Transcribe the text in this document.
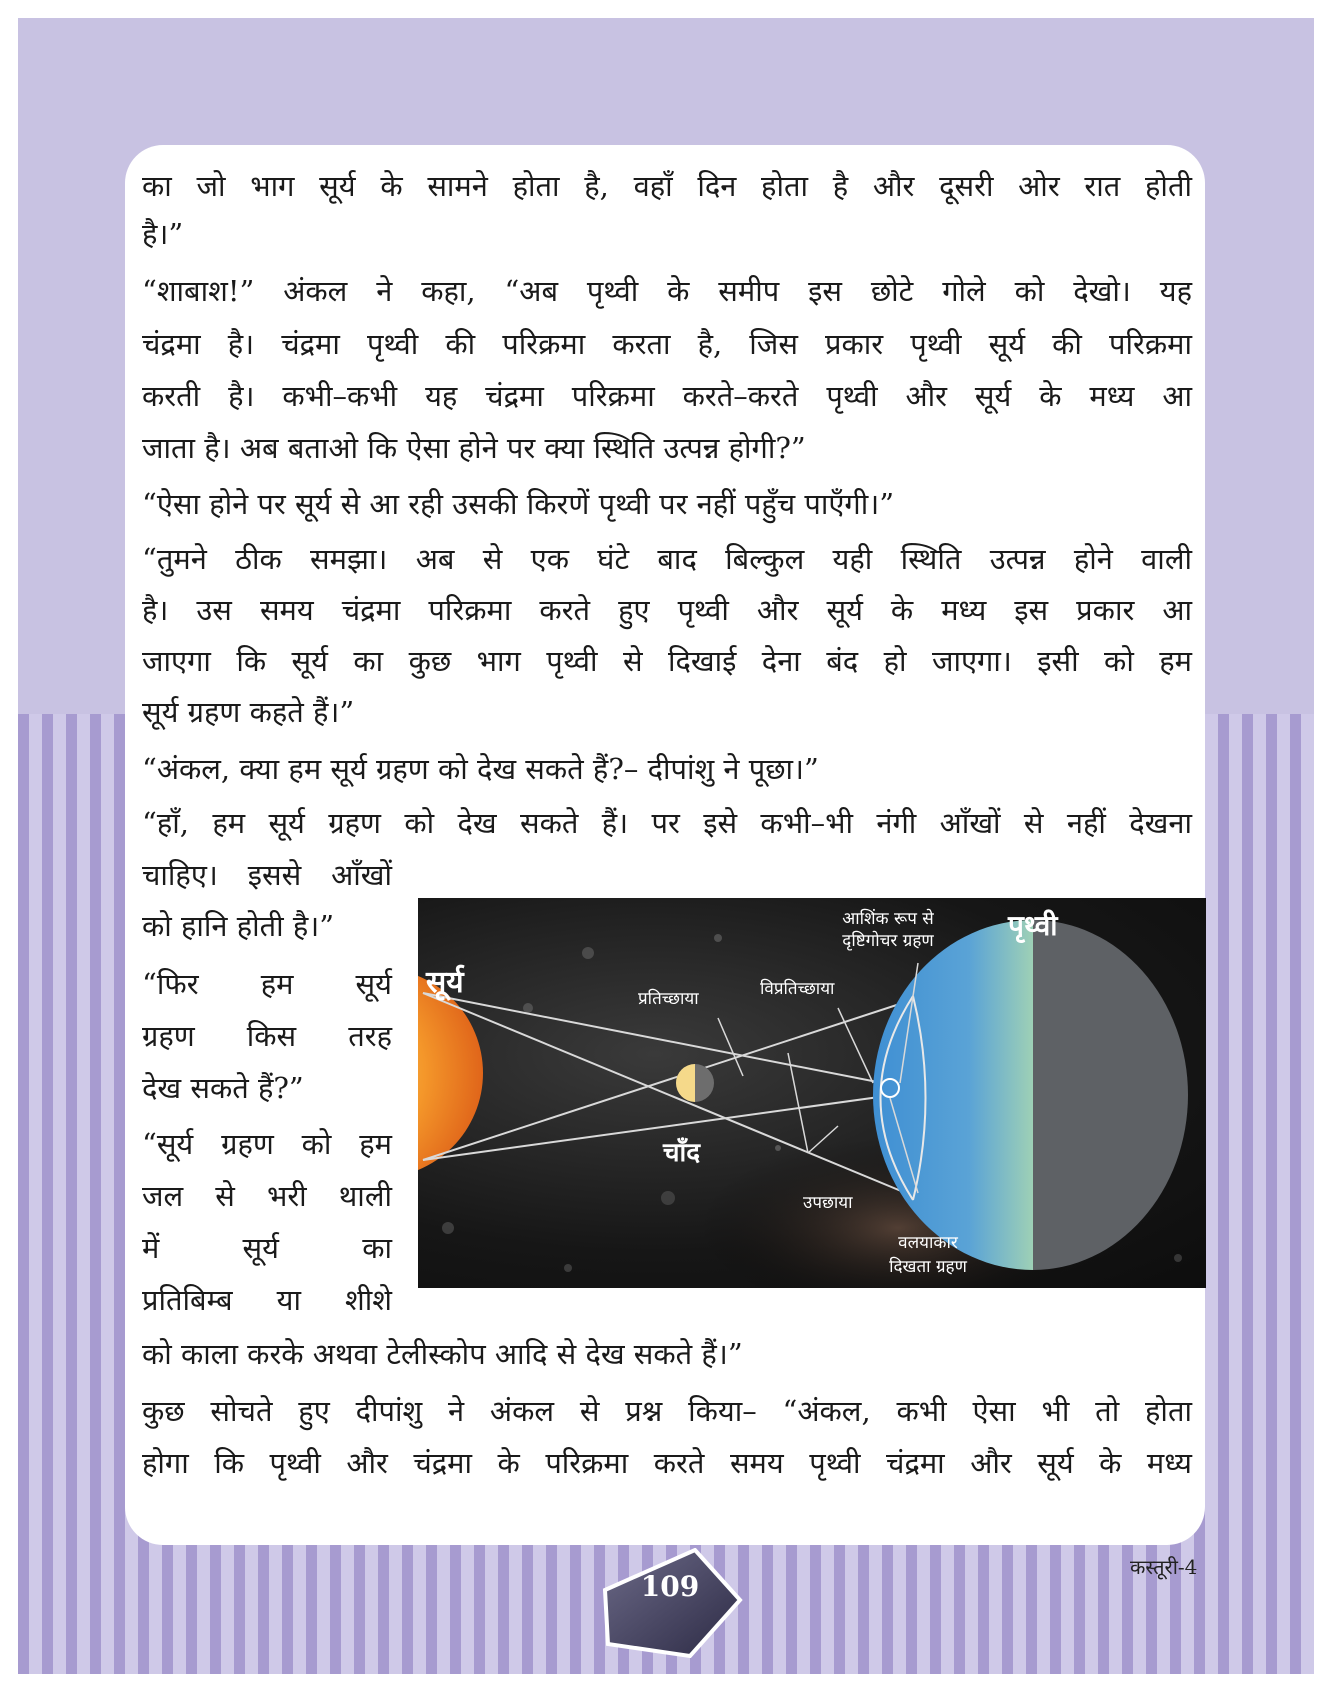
का जो भाग सूर्य के सामने होता है, वहाँ दिन होता है और दूसरी ओर रात होती
है।”
“शाबाश!” अंकल ने कहा, “अब पृथ्वी के समीप इस छोटे गोले को देखो। यह
चंद्रमा है। चंद्रमा पृथ्वी की परिक्रमा करता है, जिस प्रकार पृथ्वी सूर्य की परिक्रमा
करती है। कभी–कभी यह चंद्रमा परिक्रमा करते–करते पृथ्वी और सूर्य के मध्य आ
जाता है। अब बताओ कि ऐसा होने पर क्या स्थिति उत्पन्न होगी?”
“ऐसा होने पर सूर्य से आ रही उसकी किरणें पृथ्वी पर नहीं पहुँच पाएँगी।”
“तुमने ठीक समझा। अब से एक घंटे बाद बिल्कुल यही स्थिति उत्पन्न होने वाली
है। उस समय चंद्रमा परिक्रमा करते हुए पृथ्वी और सूर्य के मध्य इस प्रकार आ
जाएगा कि सूर्य का कुछ भाग पृथ्वी से दिखाई देना बंद हो जाएगा। इसी को हम
सूर्य ग्रहण कहते हैं।”
“अंकल, क्या हम सूर्य ग्रहण को देख सकते हैं?– दीपांशु ने पूछा।”
“हाँ, हम सूर्य ग्रहण को देख सकते हैं। पर इसे कभी–भी नंगी आँखों से नहीं देखना
चाहिए। इससे आँखों
को हानि होती है।”
“फिर हम सूर्य
ग्रहण किस तरह
देख सकते हैं?”
“सूर्य ग्रहण को हम
जल से भरी थाली
में सूर्य का
प्रतिबिम्ब या शीशे
को काला करके अथवा टेलीस्कोप आदि से देख सकते हैं।”
कुछ सोचते हुए दीपांशु ने अंकल से प्रश्न किया– “अंकल, कभी ऐसा भी तो होता
होगा कि पृथ्वी और चंद्रमा के परिक्रमा करते समय पृथ्वी चंद्रमा और सूर्य के मध्य
सूर्य
चाँद
पृथ्वी
प्रतिच्छाया	विप्रतिच्छाया
आशिंक रूप से
दृष्टिगोचर ग्रहण
उपछाया
वलयाकार
दिखता ग्रहण
109
कस्तूरी-4
